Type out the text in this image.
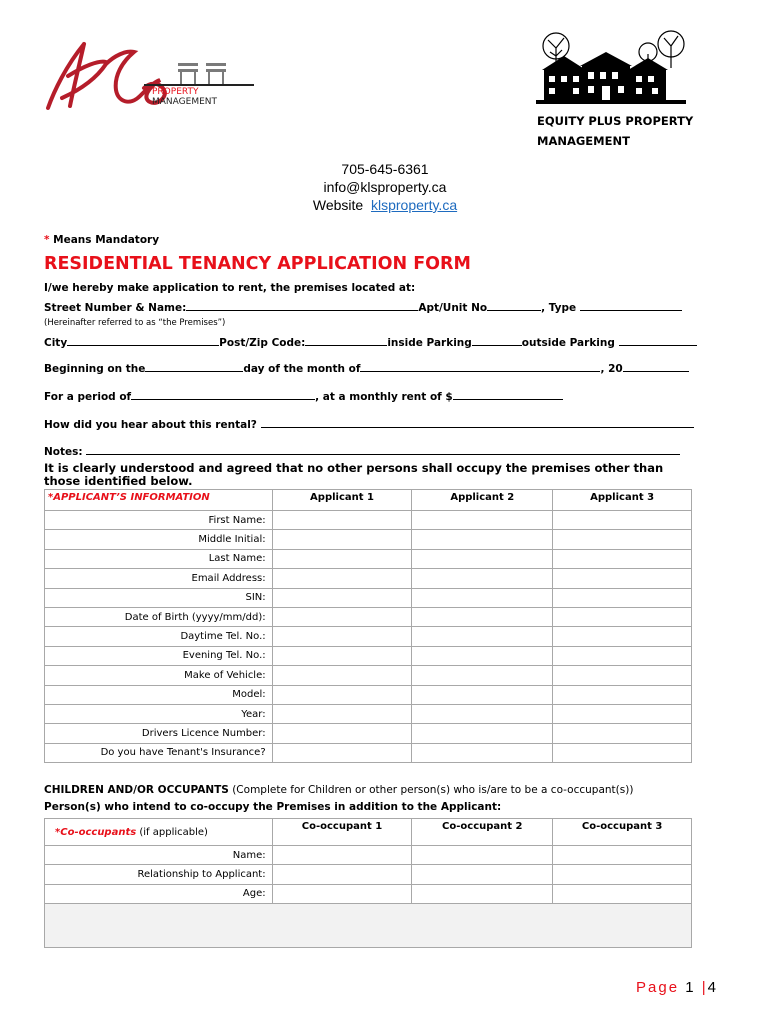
PROPERTY
MANAGEMENT
EQUITY PLUS PROPERTY
MANAGEMENT
705-645-6361
info@klsproperty.ca
Website klsproperty.ca
* Means Mandatory
RESIDENTIAL TENANCY APPLICATION FORM
I/we hereby make application to rent, the premises located at:
Street Number & Name:	Apt/Unit No	, Type
(Hereinafter referred to as “the Premises”)
City	Post/Zip Code:	inside Parking	outside Parking
Beginning on the	day of the month of	, 20
For a period of	, at a monthly rent of $
How did you hear about this rental?
Notes:
It is clearly understood and agreed that no other persons shall occupy the premises other than those identified below.
*APPLICANT’S INFORMATION	Applicant 1	Applicant 2	Applicant 3
First Name:			
Middle Initial:			
Last Name:			
Email Address:			
SIN:			
Date of Birth (yyyy/mm/dd):			
Daytime Tel. No.:			
Evening Tel. No.:			
Make of Vehicle:			
Model:			
Year:			
Drivers Licence Number:			
Do you have Tenant's Insurance?			
CHILDREN AND/OR OCCUPANTS (Complete for Children or other person(s) who is/are to be a co-occupant(s))
Person(s) who intend to co-occupy the Premises in addition to the Applicant:
*Co-occupants (if applicable)	Co-occupant 1	Co-occupant 2	Co-occupant 3
Name:			
Relationship to Applicant:			
Age:			

Page 1 |4
